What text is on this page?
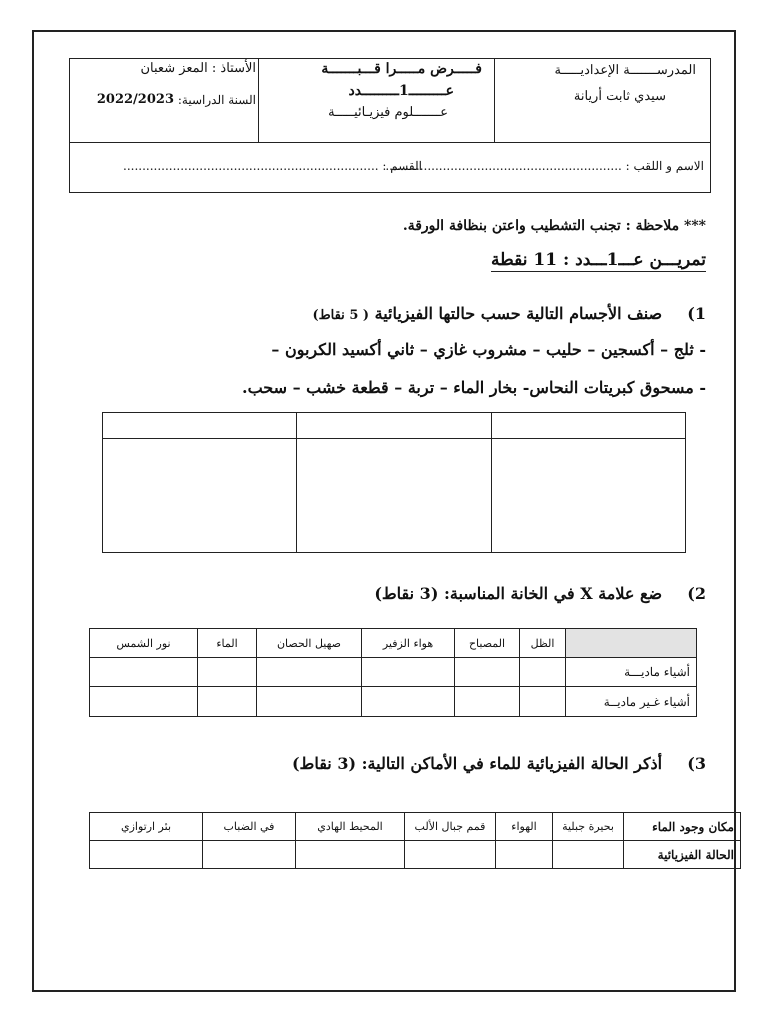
المدرســـــــة الإعداديـــــة
سيدي ثابت أريانة
فـــــرض مـــــرا قـــبـــــــة
عـــــــــ1ـــــــــدد
عـــــــلوم فيزيـائيـــــة
الأستاذ : المعز شعبان
السنة الدراسية:
2022/2023
الاسم و اللقب : ..............................................................
القسم : ...................................................................
*** ملاحظة : تجنب التشطيب واعتن بنظافة الورقة.
تمريـــن عـــ1ـــدد : 11 نقطة
1)  صنف الأجسام التالية حسب حالتها الفيزيائية ( 5 نقاط)
- ثلج – أكسجين – حليب – مشروب غازي – ثاني أكسيد الكربون –
- مسحوق كبريتات النحاس- بخار الماء – تربة – قطعة خشب – سحب.

2)  ضع علامة X في الخانة المناسبة: (3 نقاط)
	الظل	المصباح	هواء الزفير	صهيل الحصان	الماء	نور الشمس
أشياء ماديـــة						
أشياء غـير ماديــة						
3)  أذكر الحالة الفيزيائية للماء في الأماكن التالية: (3 نقاط)
مكان وجود الماء	بحيرة جبلية	الهواء	قمم جبال الألب	المحيط الهادي	في الضباب	بئر ارتوازي
الحالة الفيزيائية						
